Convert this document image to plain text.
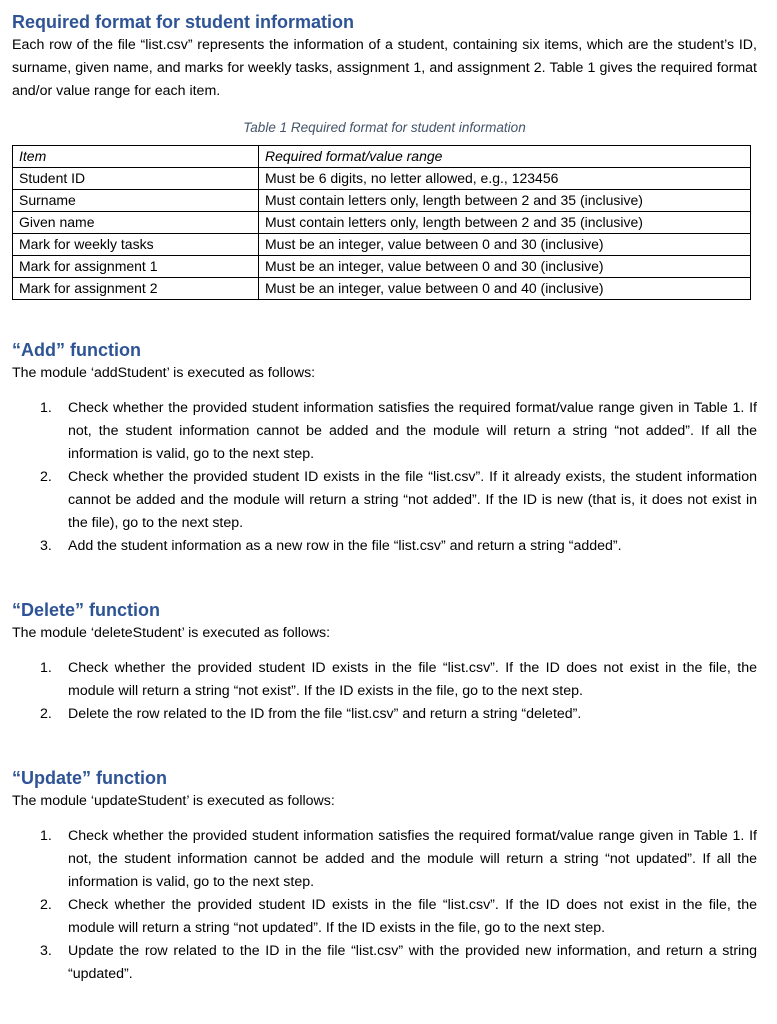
Required format for student information

Each row of the file “list.csv” represents the information of a student, containing six items, which are the student’s ID, surname, given name, and marks for weekly tasks, assignment 1, and assignment 2. Table 1 gives the required format and/or value range for each item.

Table 1 Required format for student information
Item	Required format/value range
Student ID	Must be 6 digits, no letter allowed, e.g., 123456
Surname	Must contain letters only, length between 2 and 35 (inclusive)
Given name	Must contain letters only, length between 2 and 35 (inclusive)
Mark for weekly tasks	Must be an integer, value between 0 and 30 (inclusive)
Mark for assignment 1	Must be an integer, value between 0 and 30 (inclusive)
Mark for assignment 2	Must be an integer, value between 0 and 40 (inclusive)
“Add” function

The module ‘addStudent’ is executed as follows:

1. Check whether the provided student information satisfies the required format/value range given in Table 1. If not, the student information cannot be added and the module will return a string “not added”. If all the information is valid, go to the next step.
2. Check whether the provided student ID exists in the file “list.csv”. If it already exists, the student information cannot be added and the module will return a string “not added”. If the ID is new (that is, it does not exist in the file), go to the next step.
3. Add the student information as a new row in the file “list.csv” and return a string “added”.
“Delete” function

The module ‘deleteStudent’ is executed as follows:

1. Check whether the provided student ID exists in the file “list.csv”. If the ID does not exist in the file, the module will return a string “not exist”. If the ID exists in the file, go to the next step.
2. Delete the row related to the ID from the file “list.csv” and return a string “deleted”.
“Update” function

The module ‘updateStudent’ is executed as follows:

1. Check whether the provided student information satisfies the required format/value range given in Table 1. If not, the student information cannot be added and the module will return a string “not updated”. If all the information is valid, go to the next step.
2. Check whether the provided student ID exists in the file “list.csv”. If the ID does not exist in the file, the module will return a string “not updated”. If the ID exists in the file, go to the next step.
3. Update the row related to the ID in the file “list.csv” with the provided new information, and return a string “updated”.
